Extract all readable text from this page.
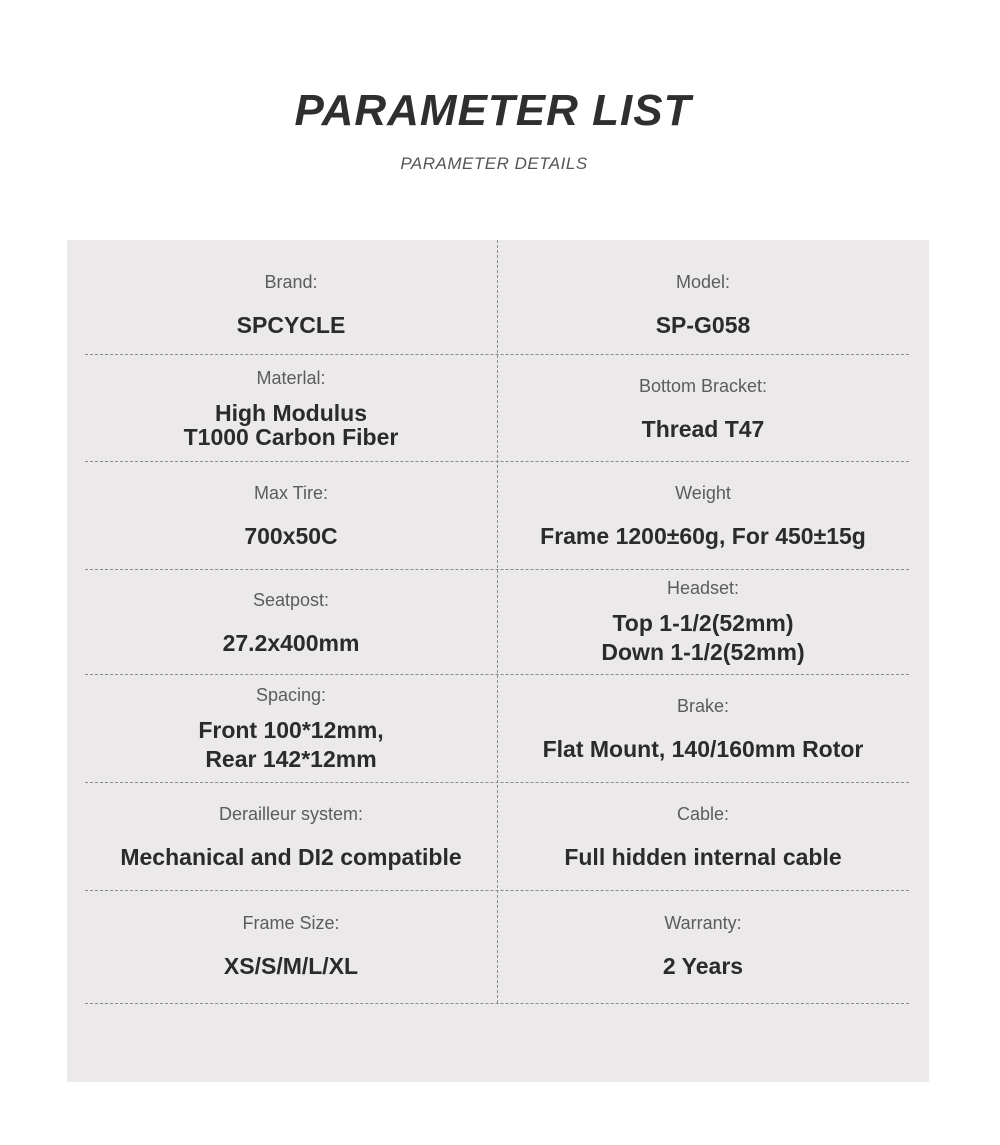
PARAMETER LIST
PARAMETER DETAILS
Brand:
SPCYCLE
Model:
SP-G058
Materlal:
High Modulus
T1000 Carbon Fiber
Bottom Bracket:
Thread T47
Max Tire:
700x50C
Weight
Frame 1200±60g, For 450±15g
Seatpost:
27.2x400mm
Headset:
Top 1-1/2(52mm)
Down 1-1/2(52mm)
Spacing:
Front 100*12mm,
Rear 142*12mm
Brake:
Flat Mount, 140/160mm Rotor
Derailleur system:
Mechanical and DI2 compatible
Cable:
Full hidden internal cable
Frame Size:
XS/S/M/L/XL
Warranty:
2 Years
